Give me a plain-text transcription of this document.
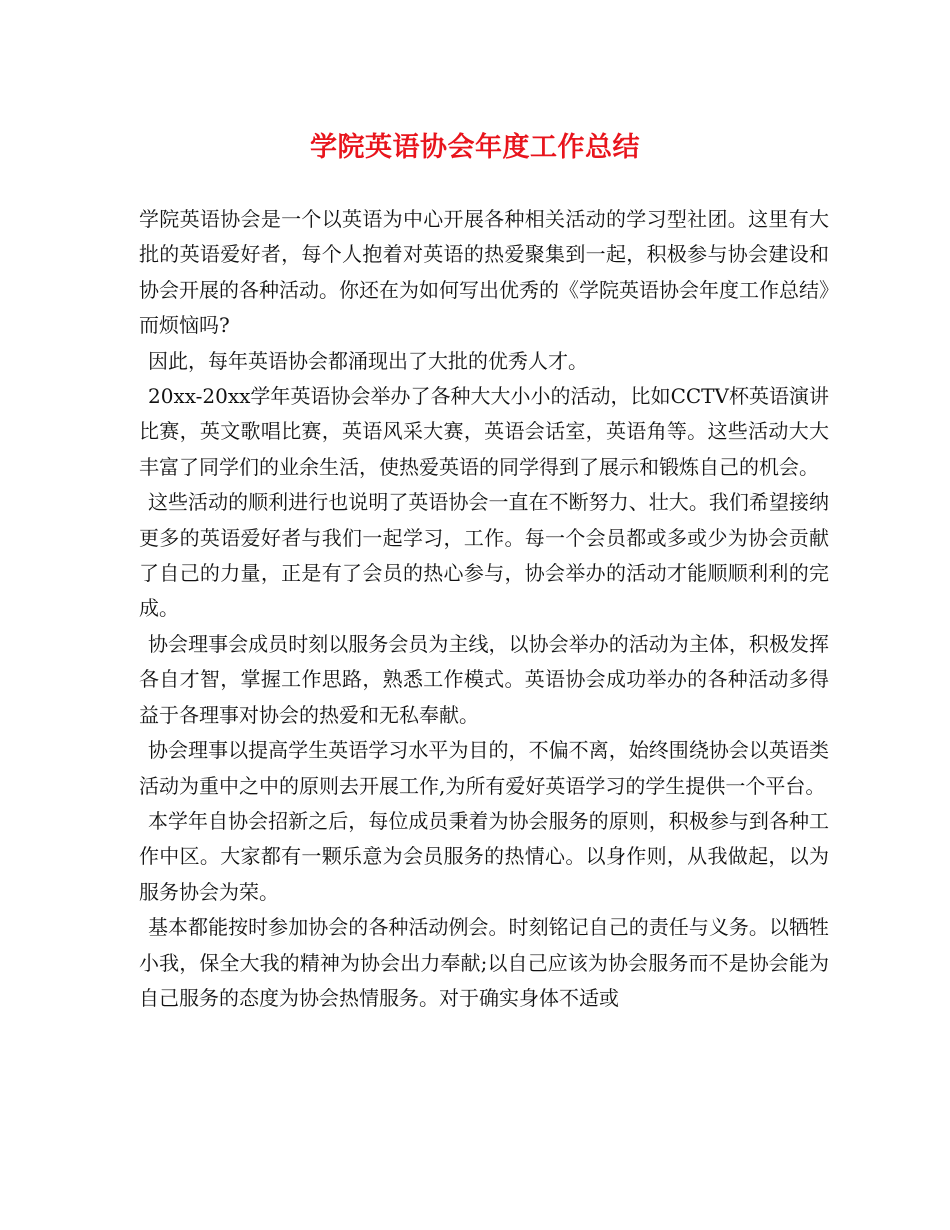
学院英语协会年度工作总结

学院英语协会是一个以英语为中心开展各种相关活动的学习型社团。这里有大批的英语爱好者，每个人抱着对英语的热爱聚集到一起，积极参与协会建设和协会开展的各种活动。你还在为如何写出优秀的《学院英语协会年度工作总结》而烦恼吗?

因此，每年英语协会都涌现出了大批的优秀人才。

20xx-20xx学年英语协会举办了各种大大小小的活动，比如CCTV杯英语演讲比赛，英文歌唱比赛，英语风采大赛，英语会话室，英语角等。这些活动大大丰富了同学们的业余生活，使热爱英语的同学得到了展示和锻炼自己的机会。

这些活动的顺利进行也说明了英语协会一直在不断努力、壮大。我们希望接纳更多的英语爱好者与我们一起学习，工作。每一个会员都或多或少为协会贡献了自己的力量，正是有了会员的热心参与，协会举办的活动才能顺顺利利的完成。

协会理事会成员时刻以服务会员为主线，以协会举办的活动为主体，积极发挥各自才智，掌握工作思路，熟悉工作模式。英语协会成功举办的各种活动多得益于各理事对协会的热爱和无私奉献。

协会理事以提高学生英语学习水平为目的，不偏不离，始终围绕协会以英语类活动为重中之中的原则去开展工作,为所有爱好英语学习的学生提供一个平台。

本学年自协会招新之后，每位成员秉着为协会服务的原则，积极参与到各种工作中区。大家都有一颗乐意为会员服务的热情心。以身作则，从我做起，以为服务协会为荣。

基本都能按时参加协会的各种活动例会。时刻铭记自己的责任与义务。以牺牲小我，保全大我的精神为协会出力奉献;以自己应该为协会服务而不是协会能为自己服务的态度为协会热情服务。对于确实身体不适或
